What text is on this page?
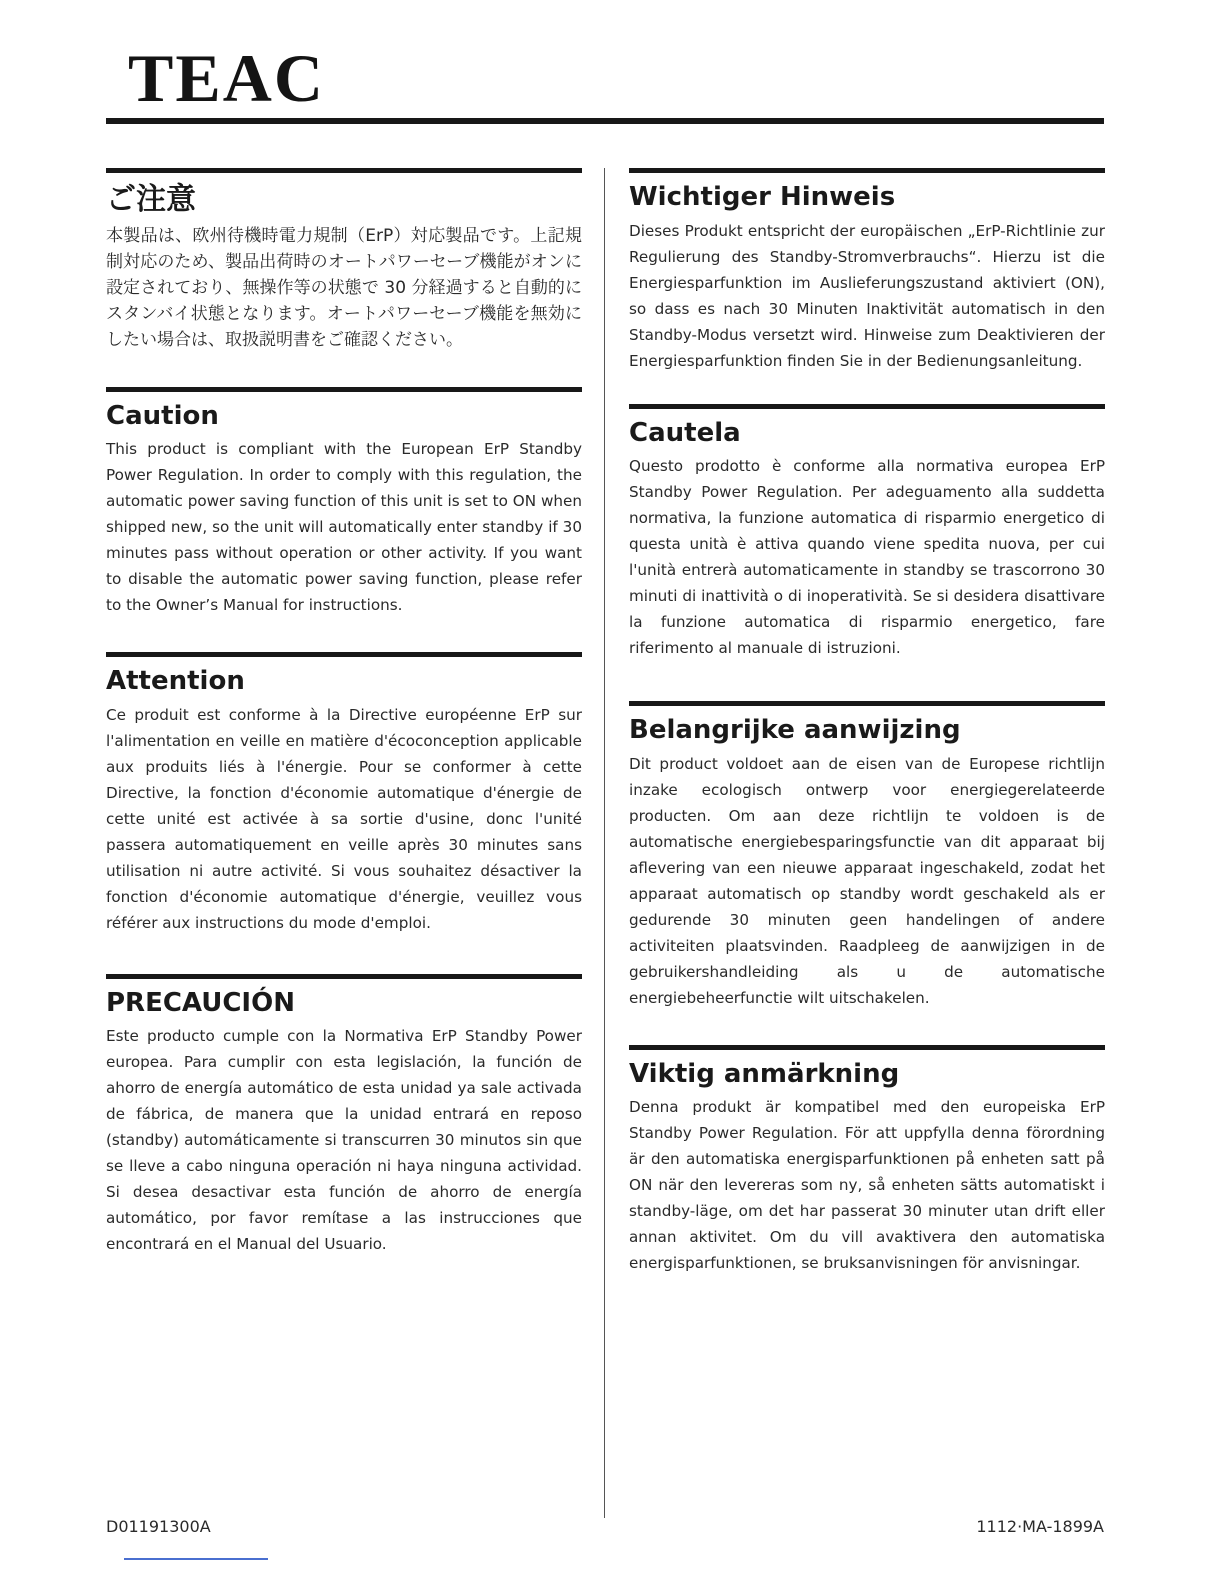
TEAC
ご注意

本製品は、欧州待機時電力規制（ErP）対応製品です。上記規制対応のため、製品出荷時のオートパワーセーブ機能がオンに設定されており、無操作等の状態で 30 分経過すると自動的にスタンバイ状態となります。オートパワーセーブ機能を無効にしたい場合は、取扱説明書をご確認ください。

Caution

This product is compliant with the European ErP Standby Power Regulation. In order to comply with this regulation, the automatic power saving function of this unit is set to ON when shipped new, so the unit will automatically enter standby if 30 minutes pass without operation or other activity. If you want to disable the automatic power saving function, please refer to the Owner’s Manual for instructions.

Attention

Ce produit est conforme à la Directive européenne ErP sur l'alimentation en veille en matière d'écoconception applicable aux produits liés à l'énergie. Pour se conformer à cette Directive, la fonction d'économie automatique d'énergie de cette unité est activée à sa sortie d'usine, donc l'unité passera automatiquement en veille après 30 minutes sans utilisation ni autre activité. Si vous souhaitez désactiver la fonction d'économie automatique d'énergie, veuillez vous référer aux instructions du mode d'emploi.

PRECAUCIÓN

Este producto cumple con la Normativa ErP Standby Power europea. Para cumplir con esta legislación, la función de ahorro de energía automático de esta unidad ya sale activada de fábrica, de manera que la unidad entrará en reposo (standby) automáticamente si transcurren 30 minutos sin que se lleve a cabo ninguna operación ni haya ninguna actividad. Si desea desactivar esta función de ahorro de energía automático, por favor remítase a las instrucciones que encontrará en el Manual del Usuario.

Wichtiger Hinweis

Dieses Produkt entspricht der europäischen „ErP-Richtlinie zur Regulierung des Standby-Stromverbrauchs“. Hierzu ist die Energiesparfunktion im Auslieferungszustand aktiviert (ON), so dass es nach 30 Minuten Inaktivität automatisch in den Standby-Modus versetzt wird. Hinweise zum Deaktivieren der Energiesparfunktion finden Sie in der Bedienungsanleitung.

Cautela

Questo prodotto è conforme alla normativa europea ErP Standby Power Regulation. Per adeguamento alla suddetta normativa, la funzione automatica di risparmio energetico di questa unità è attiva quando viene spedita nuova, per cui l'unità entrerà automaticamente in standby se trascorrono 30 minuti di inattività o di inoperatività. Se si desidera disattivare la funzione automatica di risparmio energetico, fare riferimento al manuale di istruzioni.

Belangrijke aanwijzing

Dit product voldoet aan de eisen van de Europese richtlijn inzake ecologisch ontwerp voor energiegerelateerde producten. Om aan deze richtlijn te voldoen is de automatische energiebesparingsfunctie van dit apparaat bij aflevering van een nieuwe apparaat ingeschakeld, zodat het apparaat automatisch op standby wordt geschakeld als er gedurende 30 minuten geen handelingen of andere activiteiten plaatsvinden. Raadpleeg de aanwijzigen in de gebruikershandleiding als u de automatische energiebeheerfunctie wilt uitschakelen.

Viktig anmärkning

Denna produkt är kompatibel med den europeiska ErP Standby Power Regulation. För att uppfylla denna förordning är den automatiska energisparfunktionen på enheten satt på ON när den levereras som ny, så enheten sätts automatiskt i standby-läge, om det har passerat 30 minuter utan drift eller annan aktivitet. Om du vill avaktivera den automatiska energisparfunktionen, se bruksanvisningen för anvisningar.

D01191300A	1112·MA-1899A
